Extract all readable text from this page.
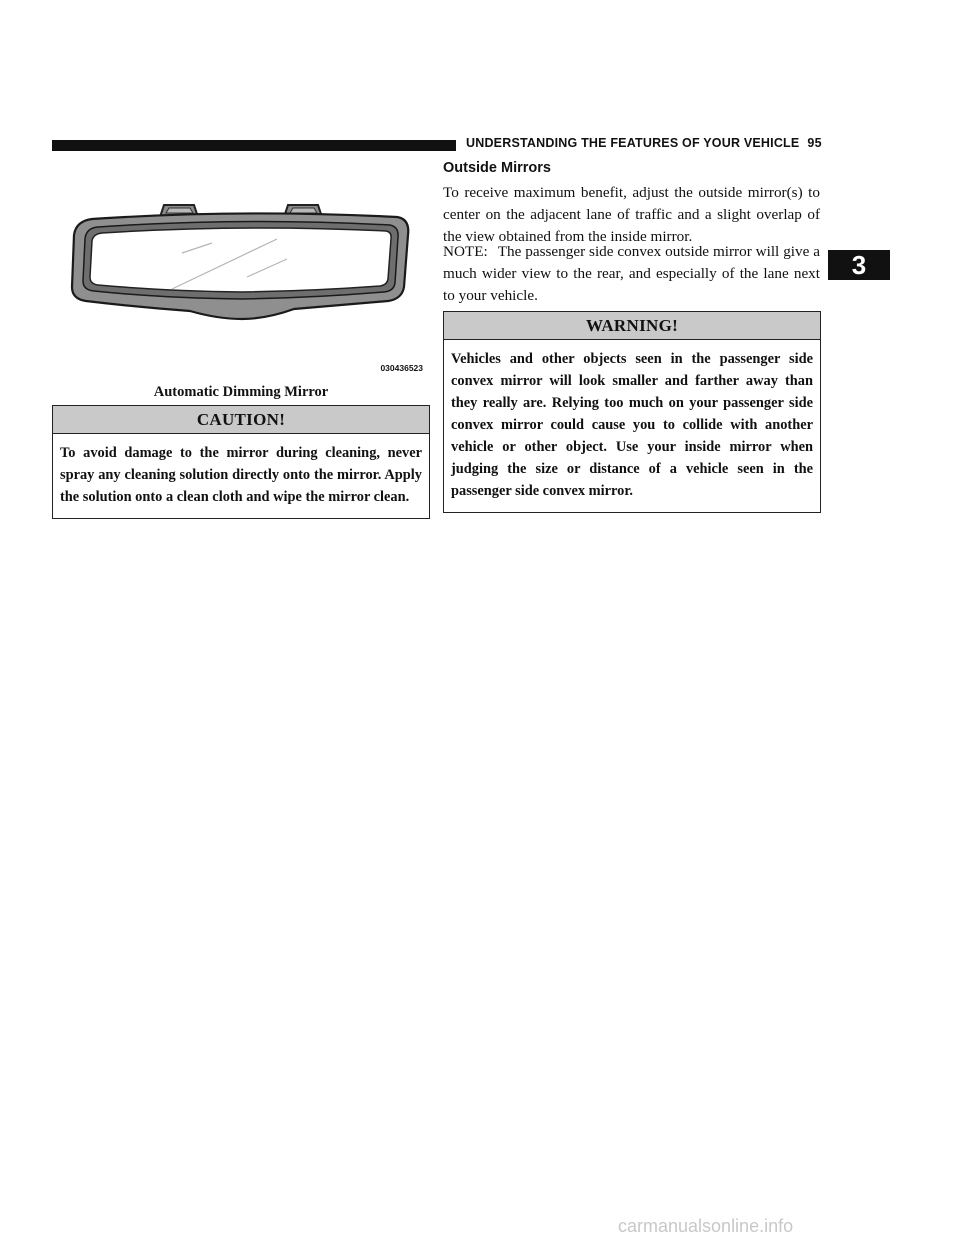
UNDERSTANDING THE FEATURES OF YOUR VEHICLE 95
3
030436523
Automatic Dimming Mirror
CAUTION!
To avoid damage to the mirror during cleaning, never spray any cleaning solution directly onto the mirror. Apply the solution onto a clean cloth and wipe the mirror clean.
Outside Mirrors
To receive maximum benefit, adjust the outside mirror(s) to center on the adjacent lane of traffic and a slight overlap of the view obtained from the inside mirror.
NOTE: The passenger side convex outside mirror will give a much wider view to the rear, and especially of the lane next to your vehicle.
WARNING!
Vehicles and other objects seen in the passenger side convex mirror will look smaller and farther away than they really are. Relying too much on your passenger side convex mirror could cause you to collide with another vehicle or other object. Use your inside mirror when judging the size or distance of a vehicle seen in the passenger side convex mirror.
carmanualsonline.info
